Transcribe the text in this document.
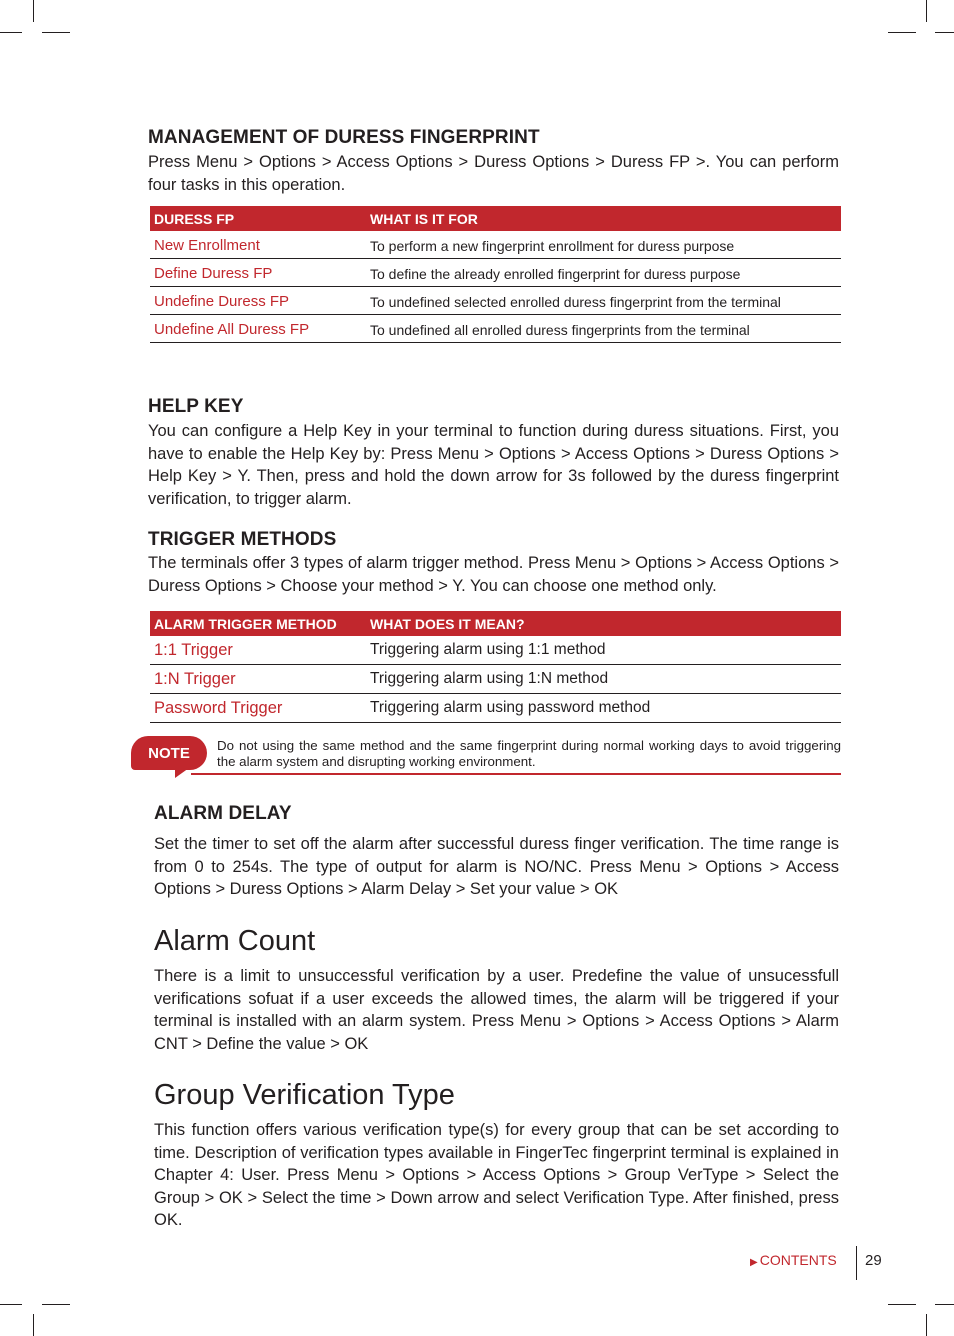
MANAGEMENT OF DURESS FINGERPRINT

Press Menu > Options > Access Options > Duress Options > Duress FP >. You can perform four tasks in this operation.

DURESS FP	WHAT IS IT FOR
New Enrollment	To perform a new fingerprint enrollment for duress purpose
Define Duress FP	To define the already enrolled fingerprint for duress purpose
Undefine Duress FP	To undefined selected enrolled duress fingerprint from the terminal
Undefine All Duress FP	To undefined all enrolled duress fingerprints from the terminal
HELP KEY

You can configure a Help Key in your terminal to function during duress situations. First, you have to enable the Help Key by: Press Menu > Options > Access Options > Duress Options > Help Key > Y. Then, press and hold the down arrow for 3s followed by the duress fingerprint verification, to trigger alarm.

TRIGGER METHODS

The terminals offer 3 types of alarm trigger method. Press Menu > Options > Access Options > Duress Options > Choose your method > Y. You can choose one method only.

ALARM TRIGGER METHOD	WHAT DOES IT MEAN?
1:1 Trigger	Triggering alarm using 1:1 method
1:N Trigger	Triggering alarm using 1:N method
Password Trigger	Triggering alarm using password method
NOTE	Do not using the same method and the same fingerprint during normal working days to avoid triggering the alarm system and disrupting working environment.

ALARM DELAY

Set the timer to set off the alarm after successful duress finger verification. The time range is from 0 to 254s. The type of output for alarm is NO/NC. Press Menu > Options > Access Options > Duress Options > Alarm Delay > Set your value > OK

Alarm Count

There is a limit to unsuccessful verification by a user. Predefine the value of unsucessfull verifications sofuat if a user exceeds the allowed times, the alarm will be triggered if your terminal is installed with an alarm system. Press Menu > Options > Access Options > Alarm CNT > Define the value > OK

Group Verification Type

This function offers various verification type(s) for every group that can be set according to time. Description of verification types available in FingerTec fingerprint terminal is explained in Chapter 4: User. Press Menu > Options > Access Options > Group VerType > Select the Group > OK > Select the time > Down arrow and select Verification Type. After finished, press OK.

▶ CONTENTS 29
